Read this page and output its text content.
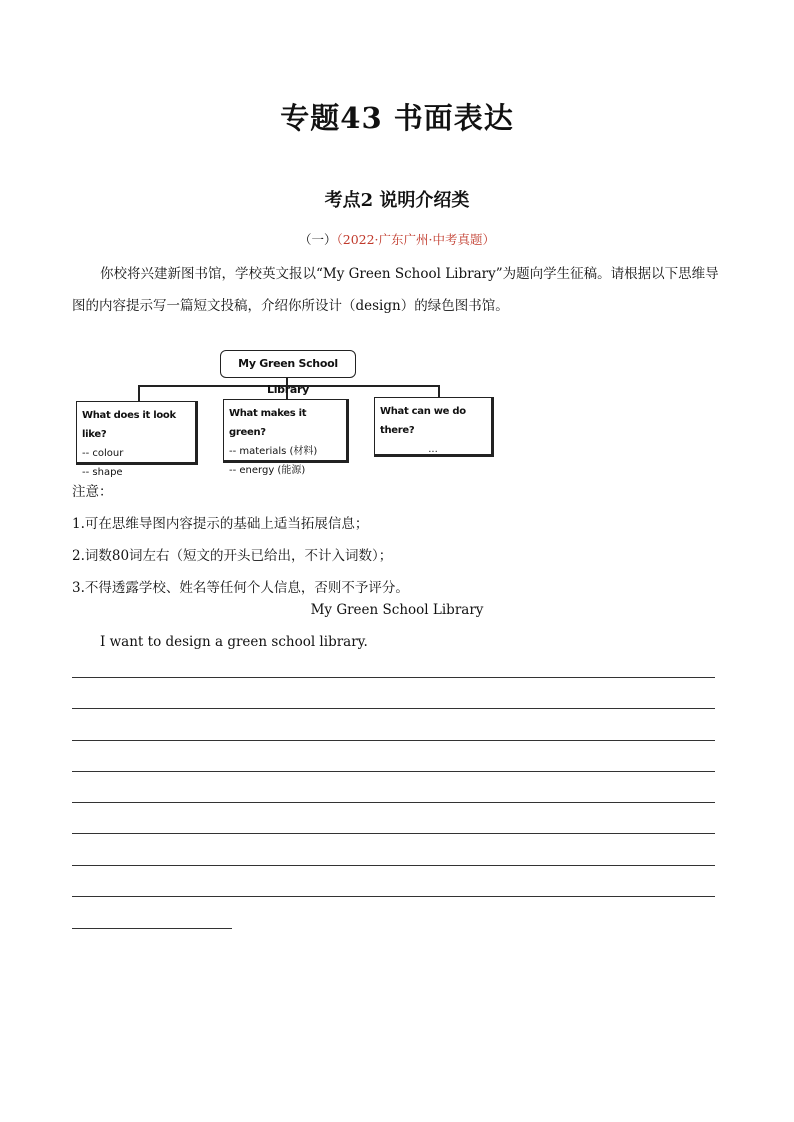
专题43 书面表达
考点2 说明介绍类
（一）（2022·广东广州·中考真题）
你校将兴建新图书馆，学校英文报以“My Green School Library”为题向学生征稿。请根据以下思维导图的内容提示写一篇短文投稿，介绍你所设计（design）的绿色图书馆。
My Green School Library
What does it look like?
-- colour
-- shape
What makes it green?
-- materials (材料)
-- energy (能源)
What can we do there?
...
注意：
1.可在思维导图内容提示的基础上适当拓展信息；
2.词数80词左右（短文的开头已给出，不计入词数）；
3.不得透露学校、姓名等任何个人信息，否则不予评分。
My Green School Library
I want to design a green school library.
